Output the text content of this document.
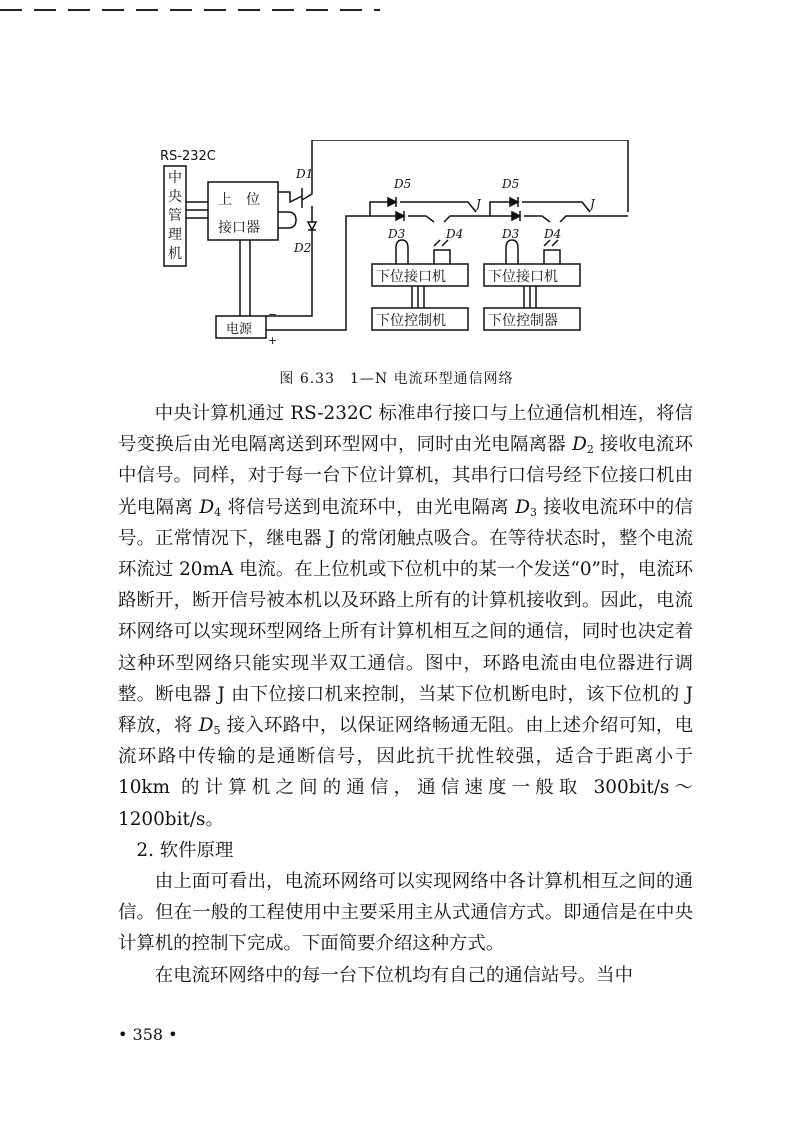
RS-232C
中
央
管
理
机
上　位
接口器
D1
D2
电源
−
+
D5
J
D3	D4
下位接口机
下位控制机
D5
J
D3 D4
下位接口机
下位控制器
图 6.33　1—N 电流环型通信网络

中央计算机通过 RS-232C 标准串行接口与上位通信机相连，将信号变换后由光电隔离送到环型网中，同时由光电隔离器 $D_2$ 接收电流环中信号。同样，对于每一台下位计算机，其串行口信号经下位接口机由光电隔离 $D_4$ 将信号送到电流环中，由光电隔离 $D_3$ 接收电流环中的信号。正常情况下，继电器 J 的常闭触点吸合。在等待状态时，整个电流环流过 20mA 电流。在上位机或下位机中的某一个发送“0”时，电流环路断开，断开信号被本机以及环路上所有的计算机接收到。因此，电流环网络可以实现环型网络上所有计算机相互之间的通信，同时也决定着这种环型网络只能实现半双工通信。图中，环路电流由电位器进行调整。断电器 J 由下位接口机来控制，当某下位机断电时，该下位机的 J 释放，将 $D_5$ 接入环路中，以保证网络畅通无阻。由上述介绍可知，电流环路中传输的是通断信号，因此抗干扰性较强，适合于距离小于 10km 的计算机之间的通信，通信速度一般取 300bit/s～1200bit/s。

2. 软件原理

由上面可看出，电流环网络可以实现网络中各计算机相互之间的通信。但在一般的工程使用中主要采用主从式通信方式。即通信是在中央计算机的控制下完成。下面简要介绍这种方式。

在电流环网络中的每一台下位机均有自己的通信站号。当中

• 358 •
